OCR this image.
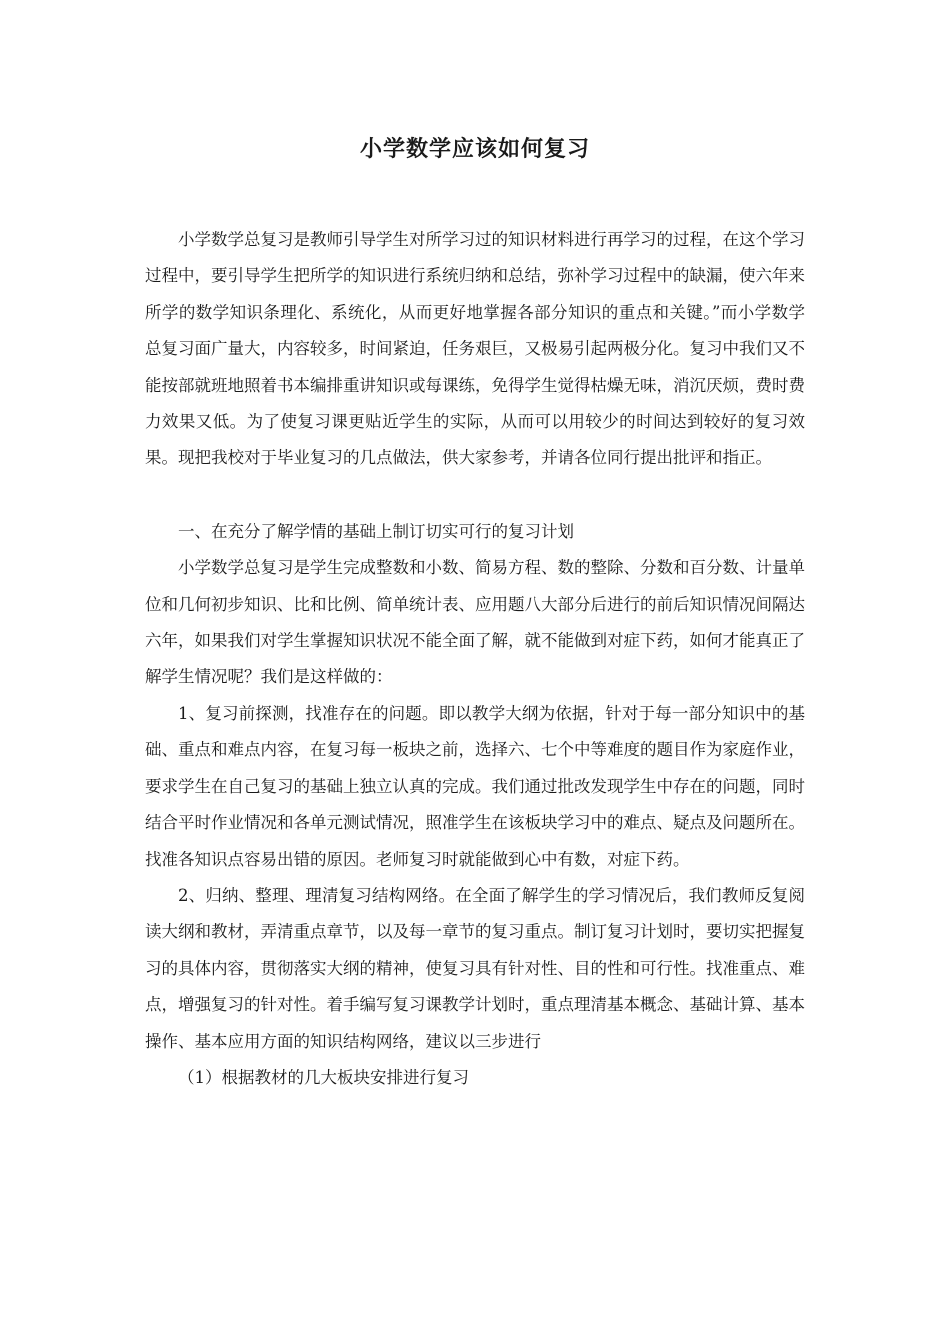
小学数学应该如何复习

小学数学总复习是教师引导学生对所学习过的知识材料进行再学习的过程，在这个学习过程中，要引导学生把所学的知识进行系统归纳和总结，弥补学习过程中的缺漏，使六年来所学的数学知识条理化、系统化，从而更好地掌握各部分知识的重点和关键。”而小学数学总复习面广量大，内容较多，时间紧迫，任务艰巨，又极易引起两极分化。复习中我们又不能按部就班地照着书本编排重讲知识或每课练，免得学生觉得枯燥无味，消沉厌烦，费时费力效果又低。为了使复习课更贴近学生的实际，从而可以用较少的时间达到较好的复习效果。现把我校对于毕业复习的几点做法，供大家参考，并请各位同行提出批评和指正。

一、在充分了解学情的基础上制订切实可行的复习计划

小学数学总复习是学生完成整数和小数、简易方程、数的整除、分数和百分数、计量单位和几何初步知识、比和比例、简单统计表、应用题八大部分后进行的前后知识情况间隔达六年，如果我们对学生掌握知识状况不能全面了解，就不能做到对症下药，如何才能真正了解学生情况呢？我们是这样做的：

1、复习前探测，找准存在的问题。即以教学大纲为依据，针对于每一部分知识中的基础、重点和难点内容，在复习每一板块之前，选择六、七个中等难度的题目作为家庭作业，要求学生在自己复习的基础上独立认真的完成。我们通过批改发现学生中存在的问题，同时结合平时作业情况和各单元测试情况，照准学生在该板块学习中的难点、疑点及问题所在。找准各知识点容易出错的原因。老师复习时就能做到心中有数，对症下药。

2、归纳、整理、理清复习结构网络。在全面了解学生的学习情况后，我们教师反复阅读大纲和教材，弄清重点章节，以及每一章节的复习重点。制订复习计划时，要切实把握复习的具体内容，贯彻落实大纲的精神，使复习具有针对性、目的性和可行性。找准重点、难点，增强复习的针对性。着手编写复习课教学计划时，重点理清基本概念、基础计算、基本操作、基本应用方面的知识结构网络，建议以三步进行

（1）根据教材的几大板块安排进行复习
